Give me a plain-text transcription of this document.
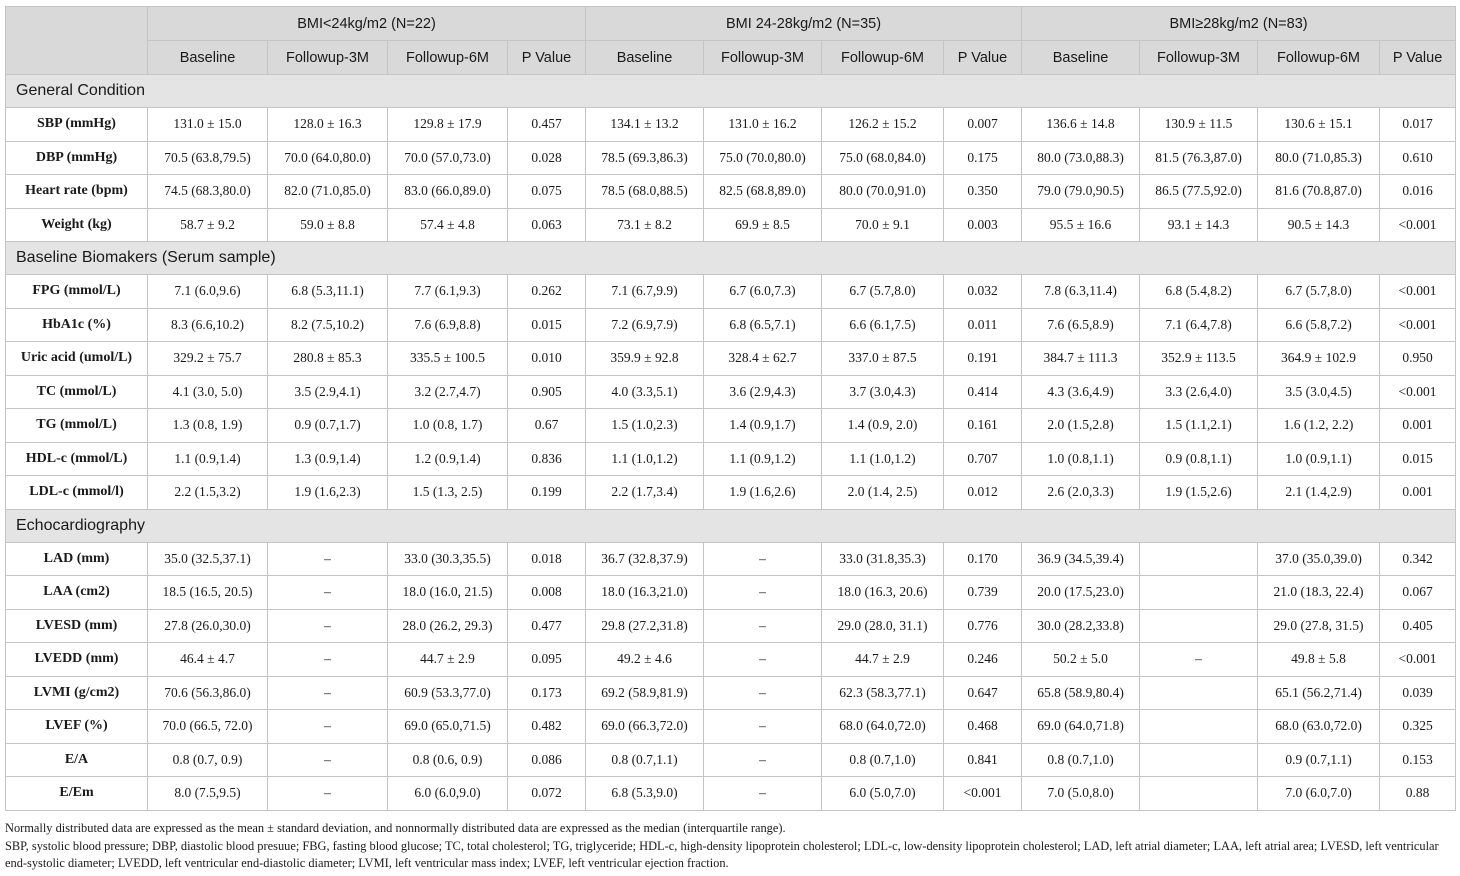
	BMI<24kg/m2 (N=22)				BMI 24-28kg/m2 (N=35)				BMI≥28kg/m2 (N=83)			
	Baseline	Followup-3M	Followup-6M	P Value	Baseline	Followup-3M	Followup-6M	P Value	Baseline	Followup-3M	Followup-6M	P Value
General Condition												
SBP (mmHg)	131.0 ± 15.0	128.0 ± 16.3	129.8 ± 17.9	0.457	134.1 ± 13.2	131.0 ± 16.2	126.2 ± 15.2	0.007	136.6 ± 14.8	130.9 ± 11.5	130.6 ± 15.1	0.017
DBP (mmHg)	70.5 (63.8,79.5)	70.0 (64.0,80.0)	70.0 (57.0,73.0)	0.028	78.5 (69.3,86.3)	75.0 (70.0,80.0)	75.0 (68.0,84.0)	0.175	80.0 (73.0,88.3)	81.5 (76.3,87.0)	80.0 (71.0,85.3)	0.610
Heart rate (bpm)	74.5 (68.3,80.0)	82.0 (71.0,85.0)	83.0 (66.0,89.0)	0.075	78.5 (68.0,88.5)	82.5 (68.8,89.0)	80.0 (70.0,91.0)	0.350	79.0 (79.0,90.5)	86.5 (77.5,92.0)	81.6 (70.8,87.0)	0.016
Weight (kg)	58.7 ± 9.2	59.0 ± 8.8	57.4 ± 4.8	0.063	73.1 ± 8.2	69.9 ± 8.5	70.0 ± 9.1	0.003	95.5 ± 16.6	93.1 ± 14.3	90.5 ± 14.3	<0.001
Baseline Biomakers (Serum sample)												
FPG (mmol/L)	7.1 (6.0,9.6)	6.8 (5.3,11.1)	7.7 (6.1,9.3)	0.262	7.1 (6.7,9.9)	6.7 (6.0,7.3)	6.7 (5.7,8.0)	0.032	7.8 (6.3,11.4)	6.8 (5.4,8.2)	6.7 (5.7,8.0)	<0.001
HbA1c (%)	8.3 (6.6,10.2)	8.2 (7.5,10.2)	7.6 (6.9,8.8)	0.015	7.2 (6.9,7.9)	6.8 (6.5,7.1)	6.6 (6.1,7.5)	0.011	7.6 (6.5,8.9)	7.1 (6.4,7.8)	6.6 (5.8,7.2)	<0.001
Uric acid (umol/L)	329.2 ± 75.7	280.8 ± 85.3	335.5 ± 100.5	0.010	359.9 ± 92.8	328.4 ± 62.7	337.0 ± 87.5	0.191	384.7 ± 111.3	352.9 ± 113.5	364.9 ± 102.9	0.950
TC (mmol/L)	4.1 (3.0, 5.0)	3.5 (2.9,4.1)	3.2 (2.7,4.7)	0.905	4.0 (3.3,5.1)	3.6 (2.9,4.3)	3.7 (3.0,4.3)	0.414	4.3 (3.6,4.9)	3.3 (2.6,4.0)	3.5 (3.0,4.5)	<0.001
TG (mmol/L)	1.3 (0.8, 1.9)	0.9 (0.7,1.7)	1.0 (0.8, 1.7)	0.67	1.5 (1.0,2.3)	1.4 (0.9,1.7)	1.4 (0.9, 2.0)	0.161	2.0 (1.5,2.8)	1.5 (1.1,2.1)	1.6 (1.2, 2.2)	0.001
HDL-c (mmol/L)	1.1 (0.9,1.4)	1.3 (0.9,1.4)	1.2 (0.9,1.4)	0.836	1.1 (1.0,1.2)	1.1 (0.9,1.2)	1.1 (1.0,1.2)	0.707	1.0 (0.8,1.1)	0.9 (0.8,1.1)	1.0 (0.9,1.1)	0.015
LDL-c (mmol/l)	2.2 (1.5,3.2)	1.9 (1.6,2.3)	1.5 (1.3, 2.5)	0.199	2.2 (1.7,3.4)	1.9 (1.6,2.6)	2.0 (1.4, 2.5)	0.012	2.6 (2.0,3.3)	1.9 (1.5,2.6)	2.1 (1.4,2.9)	0.001
Echocardiography												
LAD (mm)	35.0 (32.5,37.1)	–	33.0 (30.3,35.5)	0.018	36.7 (32.8,37.9)	–	33.0 (31.8,35.3)	0.170	36.9 (34.5,39.4)		37.0 (35.0,39.0)	0.342
LAA (cm2)	18.5 (16.5, 20.5)	–	18.0 (16.0, 21.5)	0.008	18.0 (16.3,21.0)	–	18.0 (16.3, 20.6)	0.739	20.0 (17.5,23.0)		21.0 (18.3, 22.4)	0.067
LVESD (mm)	27.8 (26.0,30.0)	–	28.0 (26.2, 29.3)	0.477	29.8 (27.2,31.8)	–	29.0 (28.0, 31.1)	0.776	30.0 (28.2,33.8)		29.0 (27.8, 31.5)	0.405
LVEDD (mm)	46.4 ± 4.7	–	44.7 ± 2.9	0.095	49.2 ± 4.6	–	44.7 ± 2.9	0.246	50.2 ± 5.0	–	49.8 ± 5.8	<0.001
LVMI (g/cm2)	70.6 (56.3,86.0)	–	60.9 (53.3,77.0)	0.173	69.2 (58.9,81.9)	–	62.3 (58.3,77.1)	0.647	65.8 (58.9,80.4)		65.1 (56.2,71.4)	0.039
LVEF (%)	70.0 (66.5, 72.0)	–	69.0 (65.0,71.5)	0.482	69.0 (66.3,72.0)	–	68.0 (64.0,72.0)	0.468	69.0 (64.0,71.8)		68.0 (63.0,72.0)	0.325
E/A	0.8 (0.7, 0.9)	–	0.8 (0.6, 0.9)	0.086	0.8 (0.7,1.1)	–	0.8 (0.7,1.0)	0.841	0.8 (0.7,1.0)		0.9 (0.7,1.1)	0.153
E/Em	8.0 (7.5,9.5)	–	6.0 (6.0,9.0)	0.072	6.8 (5.3,9.0)	–	6.0 (5.0,7.0)	<0.001	7.0 (5.0,8.0)		7.0 (6.0,7.0)	0.88

Normally distributed data are expressed as the mean ± standard deviation, and nonnormally distributed data are expressed as the median (interquartile range).

SBP, systolic blood pressure; DBP, diastolic blood presuue; FBG, fasting blood glucose; TC, total cholesterol; TG, triglyceride; HDL-c, high-density lipoprotein cholesterol; LDL-c, low-density lipoprotein cholesterol; LAD, left atrial diameter; LAA, left atrial area; LVESD, left ventricular end-systolic diameter; LVEDD, left ventricular end-diastolic diameter; LVMI, left ventricular mass index; LVEF, left ventricular ejection fraction.
